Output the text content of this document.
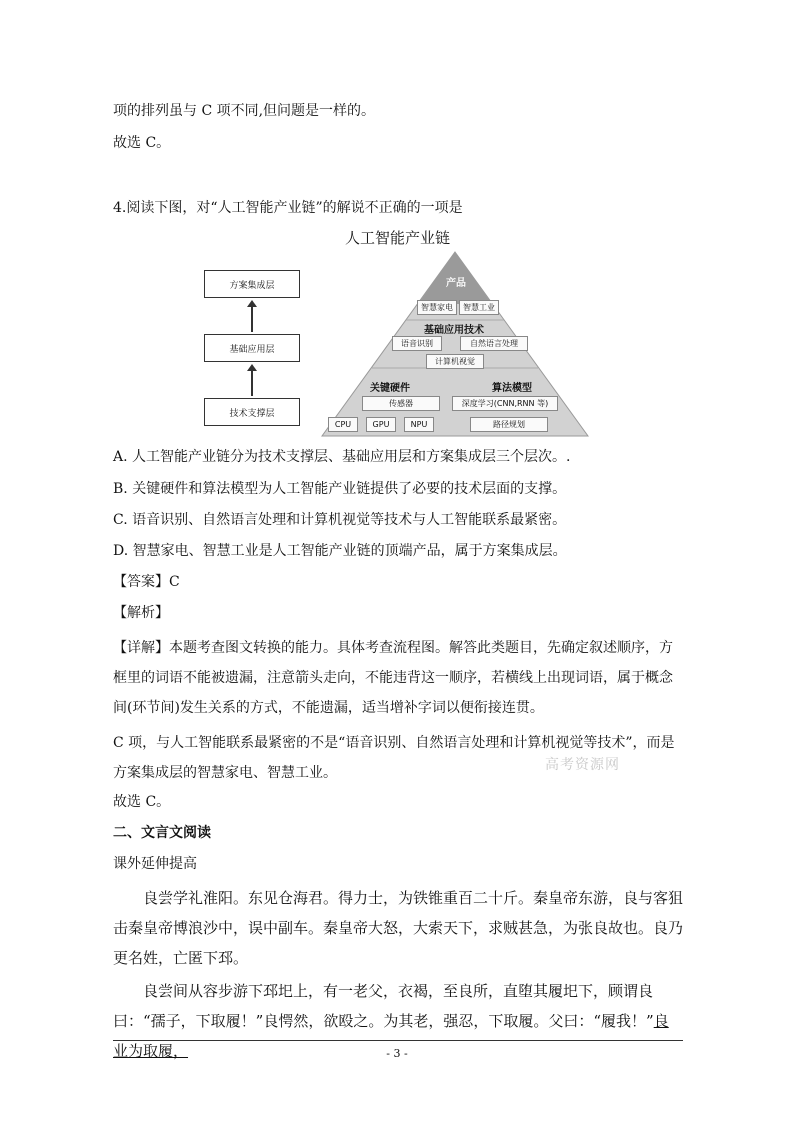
项的排列虽与 C 项不同,但问题是一样的。
故选 C。
4.阅读下图，对“人工智能产业链”的解说不正确的一项是
人工智能产业链
方案集成层
基础应用层
技术支撑层
产品
智慧家电	智慧工业
基础应用技术
语音识别	自然语言处理
计算机视觉
关键硬件	算法模型
传感器	深度学习(CNN,RNN 等)
CPU	GPU	NPU	路径规划
A. 人工智能产业链分为技术支撑层、基础应用层和方案集成层三个层次。.
B. 关键硬件和算法模型为人工智能产业链提供了必要的技术层面的支撑。
C. 语音识别、自然语言处理和计算机视觉等技术与人工智能联系最紧密。
D. 智慧家电、智慧工业是人工智能产业链的顶端产品，属于方案集成层。
【答案】C
【解析】
【详解】本题考查图文转换的能力。具体考查流程图。解答此类题目，先确定叙述顺序，方框里的词语不能被遗漏，注意箭头走向，不能违背这一顺序，若横线上出现词语，属于概念间(环节间)发生关系的方式，不能遗漏，适当增补字词以便衔接连贯。
C 项，与人工智能联系最紧密的不是“语音识别、自然语言处理和计算机视觉等技术”，而是方案集成层的智慧家电、智慧工业。	高考资源网
故选 C。
二、文言文阅读
课外延伸提高

良尝学礼淮阳。东见仓海君。得力士，为铁锥重百二十斤。秦皇帝东游，良与客狙击秦皇帝博浪沙中，误中副车。秦皇帝大怒，大索天下，求贼甚急，为张良故也。良乃更名姓，亡匿下邳。

良尝间从容步游下邳圯上，有一老父，衣褐，至良所，直堕其履圯下，顾谓良曰：“孺子，下取履！”良愕然，欲殴之。为其老，强忍，下取履。父曰：“履我！”良业为取履，	- 3 -
